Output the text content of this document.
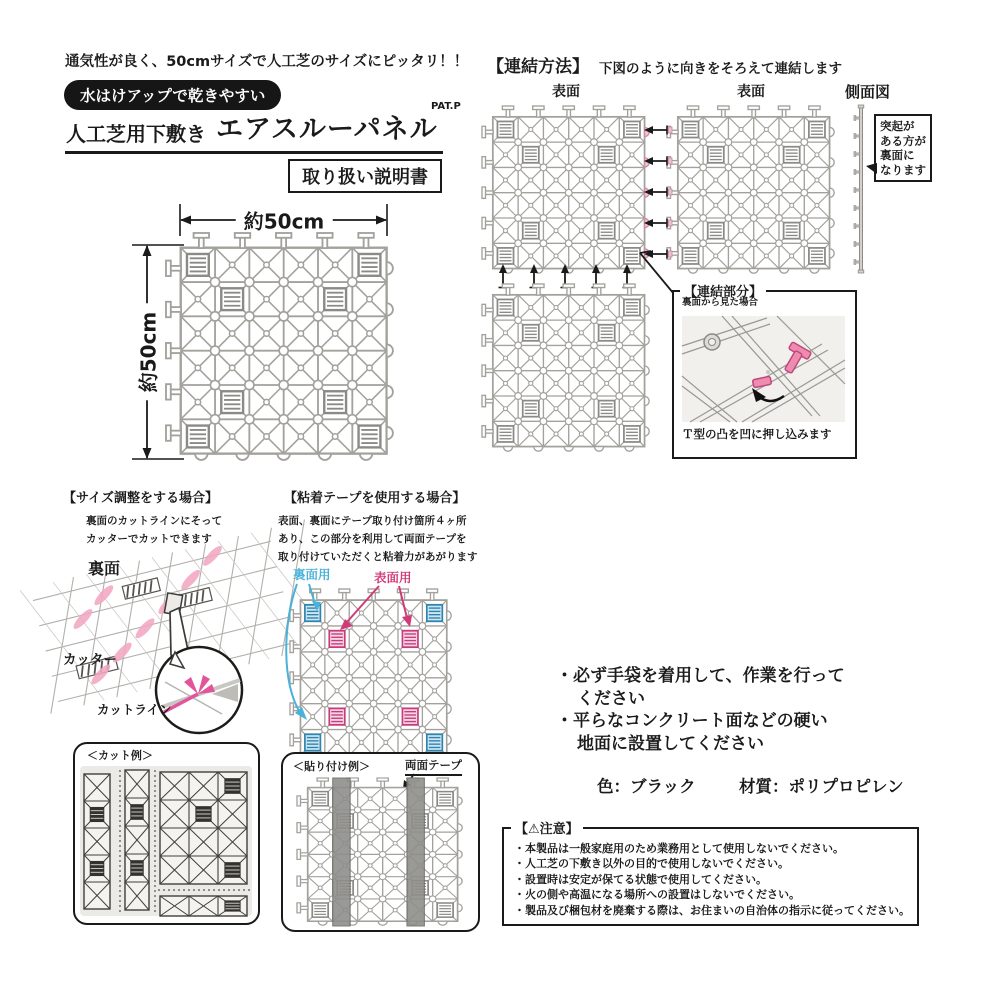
通気性が良く、50cmサイズで人工芝のサイズにピッタリ！！
水はけアップで乾きやすい
人工芝用下敷き エアスルーパネル
PAT.P
取り扱い説明書
約50cm
約50cm
【連結方法】 下図のように向きをそろえて連結します
表面	表面	側面図
突起が
ある方が
裏面に
なります
【連結部分】
裏面から見た場合
Ｔ型の凸を凹に押し込みます
【サイズ調整をする場合】
裏面のカットラインにそって
カッターでカットできます
裏面
カッター
カットライン
＜カット例＞
【粘着テープを使用する場合】
表面、裏面にテープ取り付け箇所４ヶ所
あり、この部分を利用して両面テープを
取り付けていただくと粘着力があがります
裏面用	表面用
＜貼り付け例＞	両面テープ
・必ず手袋を着用して、作業を行って
ください
・平らなコンクリート面などの硬い
地面に設置してください
色：ブラック	材質：ポリプロピレン
【⚠注意】
・本製品は一般家庭用のため業務用として使用しないでください。
・人工芝の下敷き以外の目的で使用しないでください。
・設置時は安定が保てる状態で使用してください。
・火の側や高温になる場所への設置はしないでください。
・製品及び梱包材を廃棄する際は、お住まいの自治体の指示に従ってください。
